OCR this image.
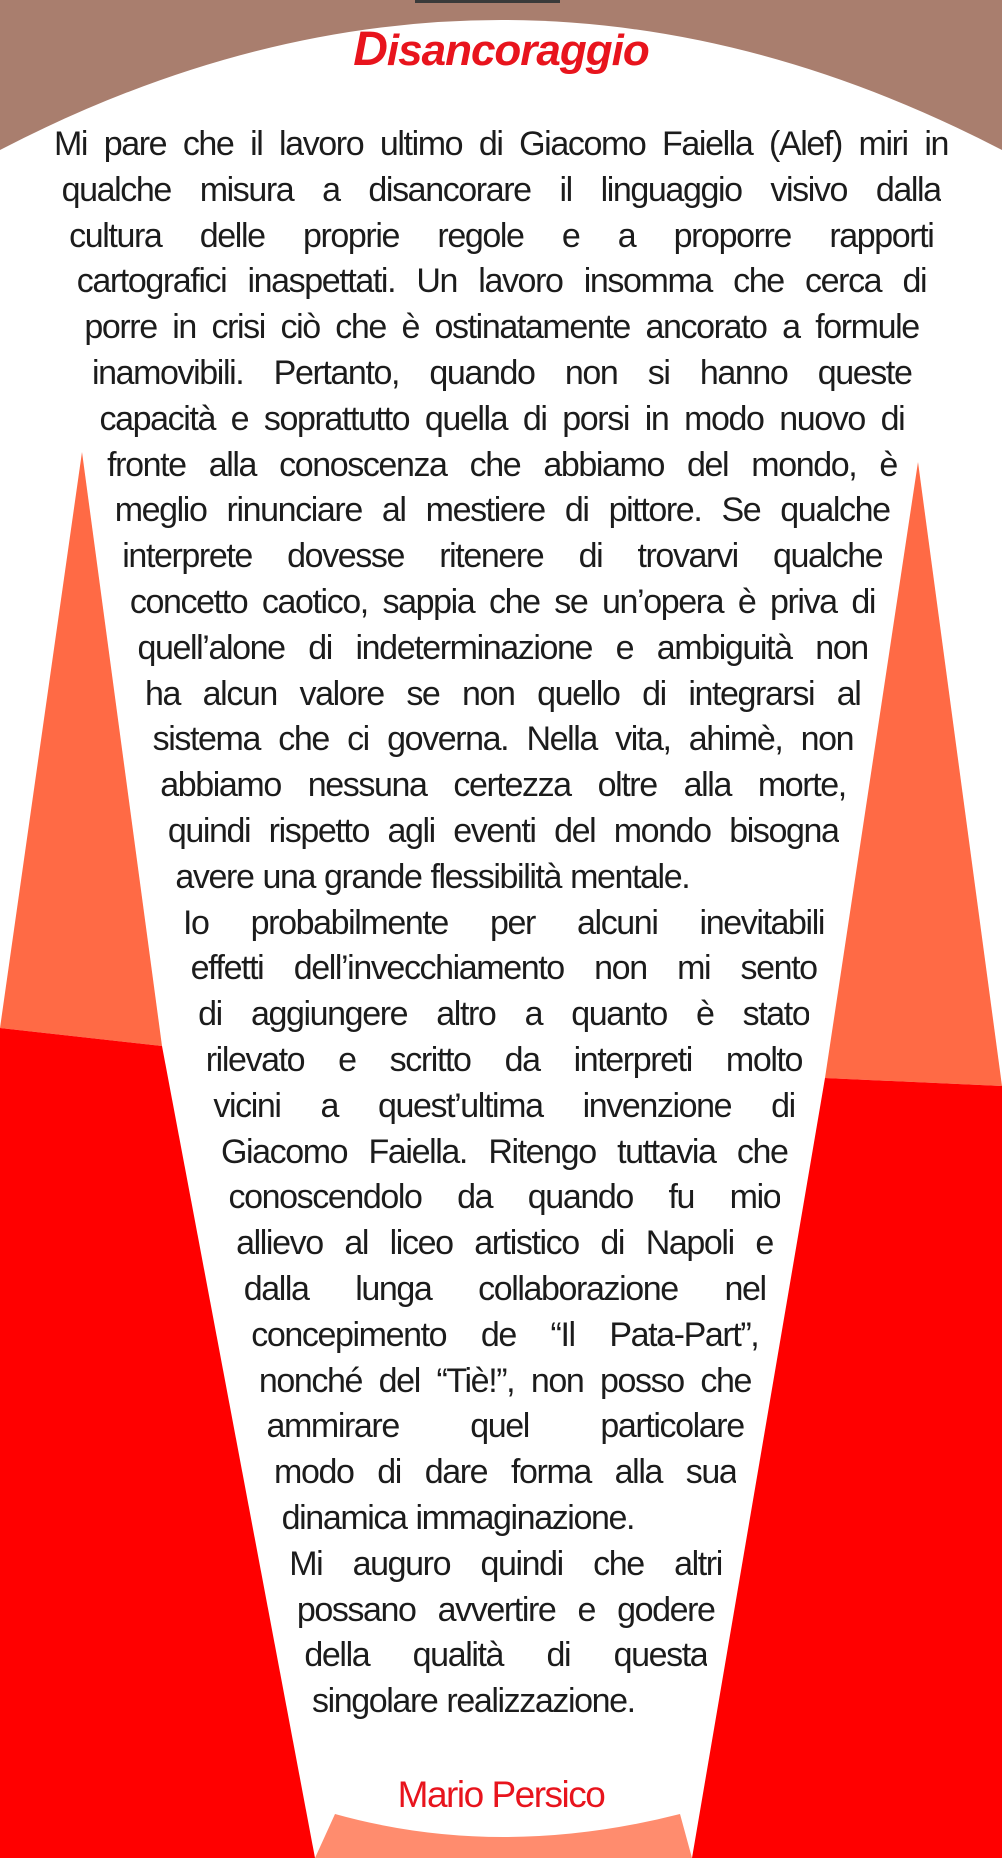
Disancoraggio
Mi pare che il lavoro ultimo di Giacomo Faiella (Alef) miri in
qualche misura a disancorare il linguaggio visivo dalla
cultura delle proprie regole e a proporre rapporti
cartografici inaspettati. Un lavoro insomma che cerca di
porre in crisi ciò che è ostinatamente ancorato a formule
inamovibili. Pertanto, quando non si hanno queste
capacità e soprattutto quella di porsi in modo nuovo di
fronte alla conoscenza che abbiamo del mondo, è
meglio rinunciare al mestiere di pittore. Se qualche
interprete dovesse ritenere di trovarvi qualche
concetto caotico, sappia che se un’opera è priva di
quell’alone di indeterminazione e ambiguità non
ha alcun valore se non quello di integrarsi al
sistema che ci governa. Nella vita, ahimè, non
abbiamo nessuna certezza oltre alla morte,
quindi rispetto agli eventi del mondo bisogna
avere una grande flessibilità mentale.
Io probabilmente per alcuni inevitabili
effetti dell’invecchiamento non mi sento
di aggiungere altro a quanto è stato
rilevato e scritto da interpreti molto
vicini a quest’ultima invenzione di
Giacomo Faiella. Ritengo tuttavia che
conoscendolo da quando fu mio
allievo al liceo artistico di Napoli e
dalla lunga collaborazione nel
concepimento de “Il Pata-Part”,
nonché del “Tiè!”, non posso che
ammirare quel particolare
modo di dare forma alla sua
dinamica immaginazione.
Mi auguro quindi che altri
possano avvertire e godere
della qualità di questa
singolare realizzazione.
Mario Persico
